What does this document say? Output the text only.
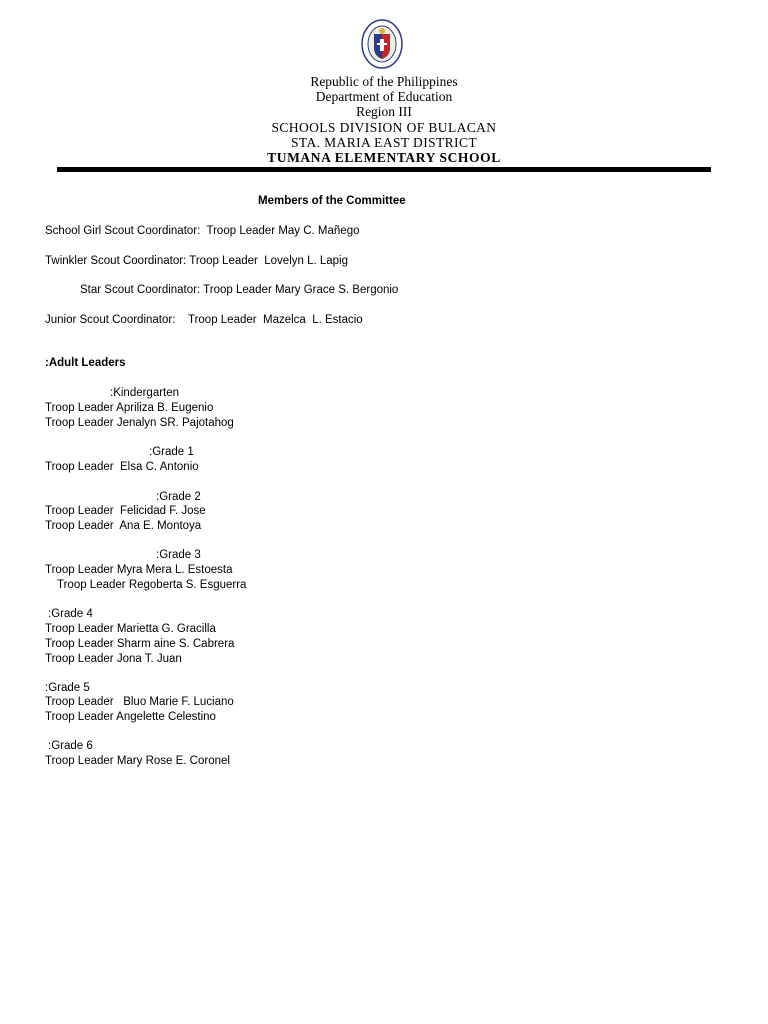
Republic of the Philippines
Department of Education
Region III
SCHOOLS DIVISION OF BULACAN
STA. MARIA EAST DISTRICT
TUMANA ELEMENTARY SCHOOL
Members of the Committee
School Girl Scout Coordinator:  Troop Leader May C. Mañego
Twinkler Scout Coordinator: Troop Leader  Lovelyn L. Lapig
Star Scout Coordinator: Troop Leader Mary Grace S. Bergonio
Junior Scout Coordinator:    Troop Leader  Mazelca  L. Estacio
:Adult Leaders
:Kindergarten
Troop Leader Apriliza B. Eugenio
Troop Leader Jenalyn SR. Pajotahog
:Grade 1
Troop Leader  Elsa C. Antonio
:Grade 2
Troop Leader  Felicidad F. Jose
Troop Leader  Ana E. Montoya
:Grade 3
Troop Leader Myra Mera L. Estoesta
Troop Leader Regoberta S. Esguerra
:Grade 4
Troop Leader Marietta G. Gracilla
Troop Leader Sharm aine S. Cabrera
Troop Leader Jona T. Juan
:Grade 5
Troop Leader   Bluo Marie F. Luciano
Troop Leader Angelette Celestino
:Grade 6
Troop Leader Mary Rose E. Coronel
